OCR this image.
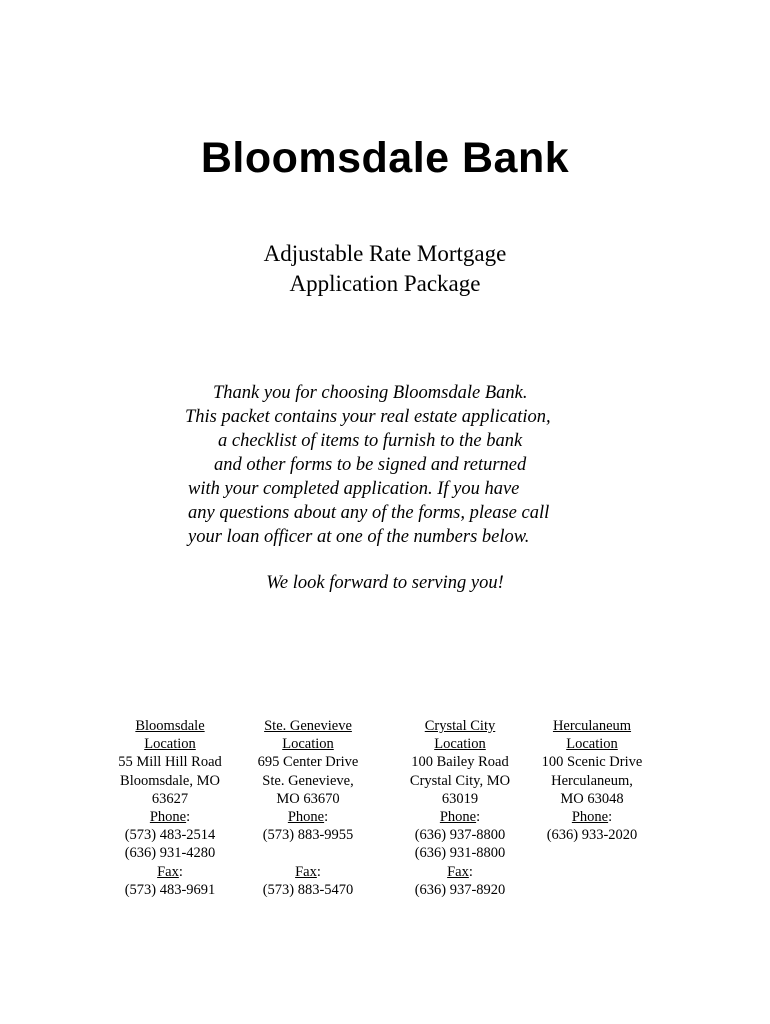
Bloomsdale Bank
Adjustable Rate Mortgage
Application Package
Thank you for choosing Bloomsdale Bank.
This packet contains your real estate application,
a checklist of items to furnish to the bank
and other forms to be signed and returned
with your completed application. If you have
any questions about any of the forms, please call
your loan officer at one of the numbers below.
We look forward to serving you!
Bloomsdale
Location
55 Mill Hill Road
Bloomsdale, MO
63627
Phone:
(573) 483-2514
(636) 931-4280
Fax:
(573) 483-9691
Ste. Genevieve
Location
695 Center Drive
Ste. Genevieve,
MO 63670
Phone:
(573) 883-9955
Fax:
(573) 883-5470
Crystal City
Location
100 Bailey Road
Crystal City, MO
63019
Phone:
(636) 937-8800
(636) 931-8800
Fax:
(636) 937-8920
Herculaneum
Location
100 Scenic Drive
Herculaneum,
MO 63048
Phone:
(636) 933-2020
